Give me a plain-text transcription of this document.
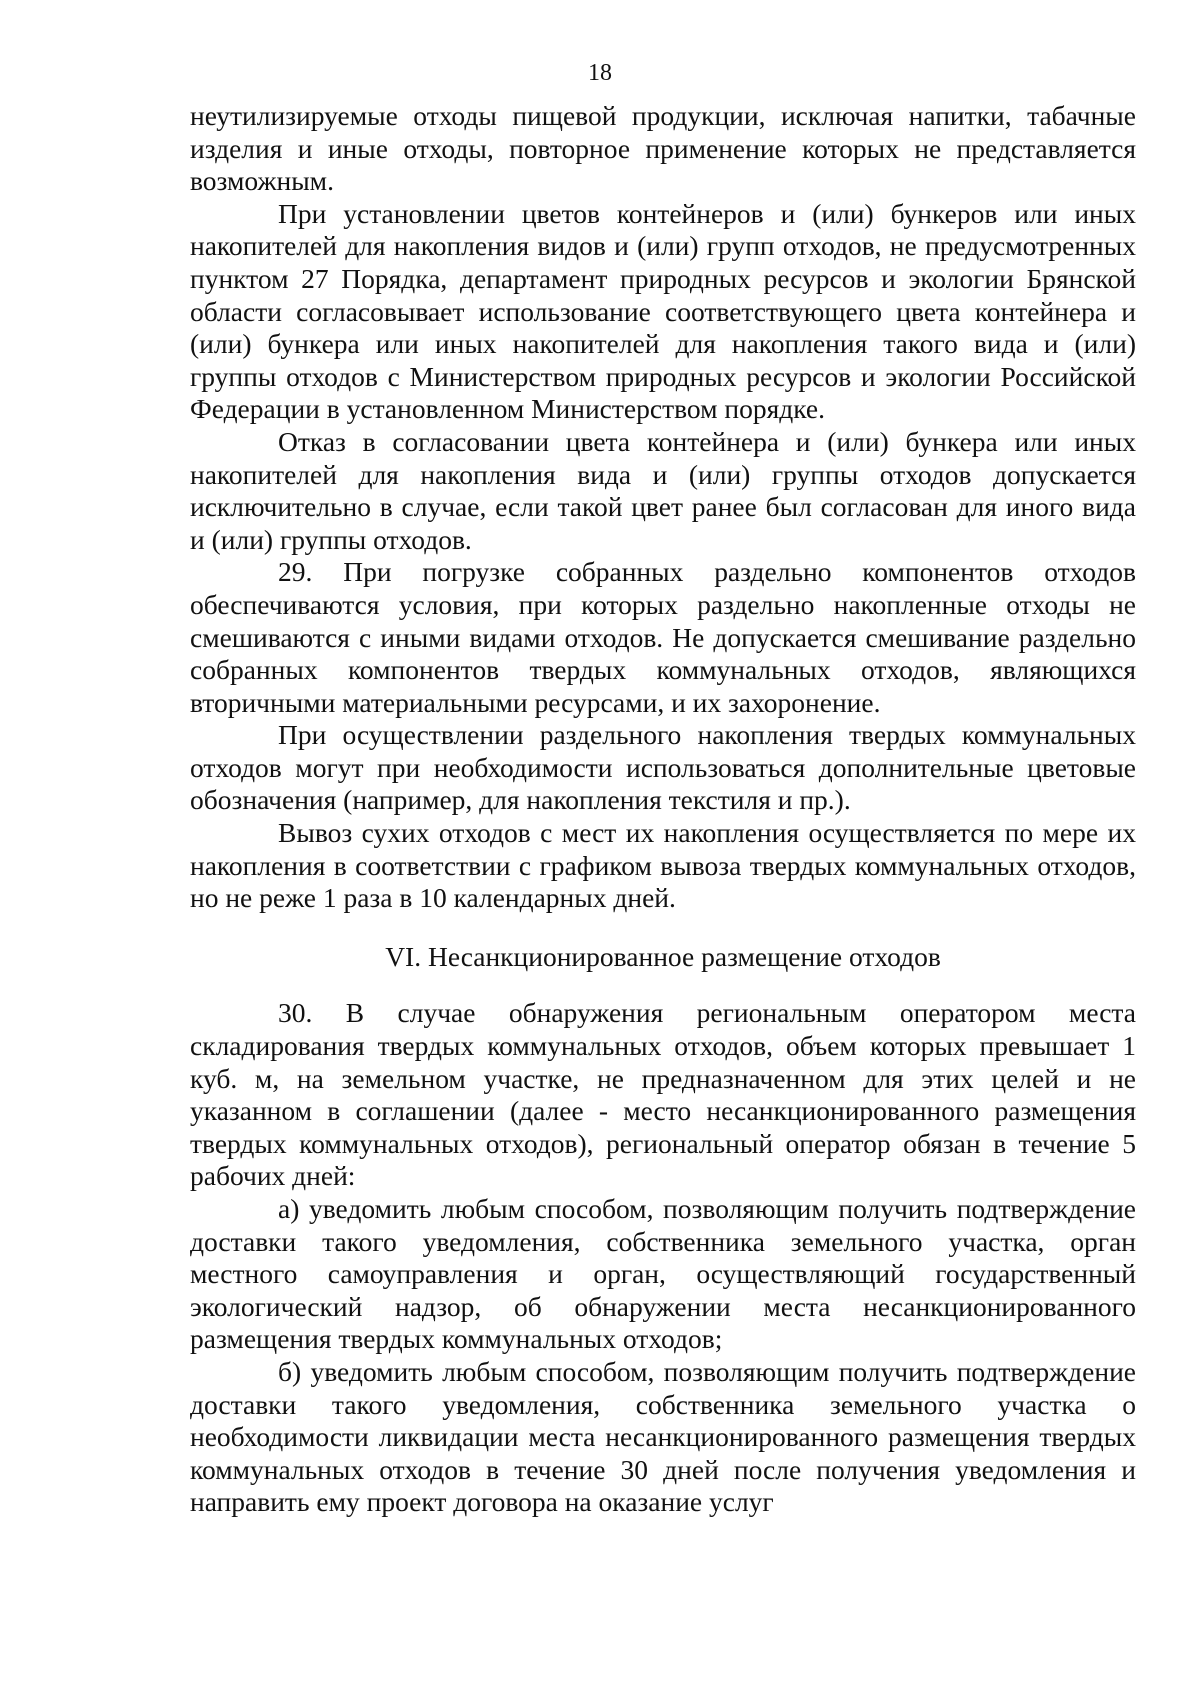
18

неутилизируемые отходы пищевой продукции, исключая напитки, табачные изделия и иные отходы, повторное применение которых не представляется возможным.

При установлении цветов контейнеров и (или) бункеров или иных накопителей для накопления видов и (или) групп отходов, не предусмотренных пунктом 27 Порядка, департамент природных ресурсов и экологии Брянской области согласовывает использование соответствующего цвета контейнера и (или) бункера или иных накопителей для накопления такого вида и (или) группы отходов с Министерством природных ресурсов и экологии Российской Федерации в установленном Министерством порядке.

Отказ в согласовании цвета контейнера и (или) бункера или иных накопителей для накопления вида и (или) группы отходов допускается исключительно в случае, если такой цвет ранее был согласован для иного вида и (или) группы отходов.

29. При погрузке собранных раздельно компонентов отходов обеспечиваются условия, при которых раздельно накопленные отходы не смешиваются с иными видами отходов. Не допускается смешивание раздельно собранных компонентов твердых коммунальных отходов, являющихся вторичными материальными ресурсами, и их захоронение.

При осуществлении раздельного накопления твердых коммунальных отходов могут при необходимости использоваться дополнительные цветовые обозначения (например, для накопления текстиля и пр.).

Вывоз сухих отходов с мест их накопления осуществляется по мере их накопления в соответствии с графиком вывоза твердых коммунальных отходов, но не реже 1 раза в 10 календарных дней.

VI. Несанкционированное размещение отходов

30. В случае обнаружения региональным оператором места складирования твердых коммунальных отходов, объем которых превышает 1 куб. м, на земельном участке, не предназначенном для этих целей и не указанном в соглашении (далее - место несанкционированного размещения твердых коммунальных отходов), региональный оператор обязан в течение 5 рабочих дней:

а) уведомить любым способом, позволяющим получить подтверждение доставки такого уведомления, собственника земельного участка, орган местного самоуправления и орган, осуществляющий государственный экологический надзор, об обнаружении места несанкционированного размещения твердых коммунальных отходов;

б) уведомить любым способом, позволяющим получить подтверждение доставки такого уведомления, собственника земельного участка о необходимости ликвидации места несанкционированного размещения твердых коммунальных отходов в течение 30 дней после получения уведомления и направить ему проект договора на оказание услуг
